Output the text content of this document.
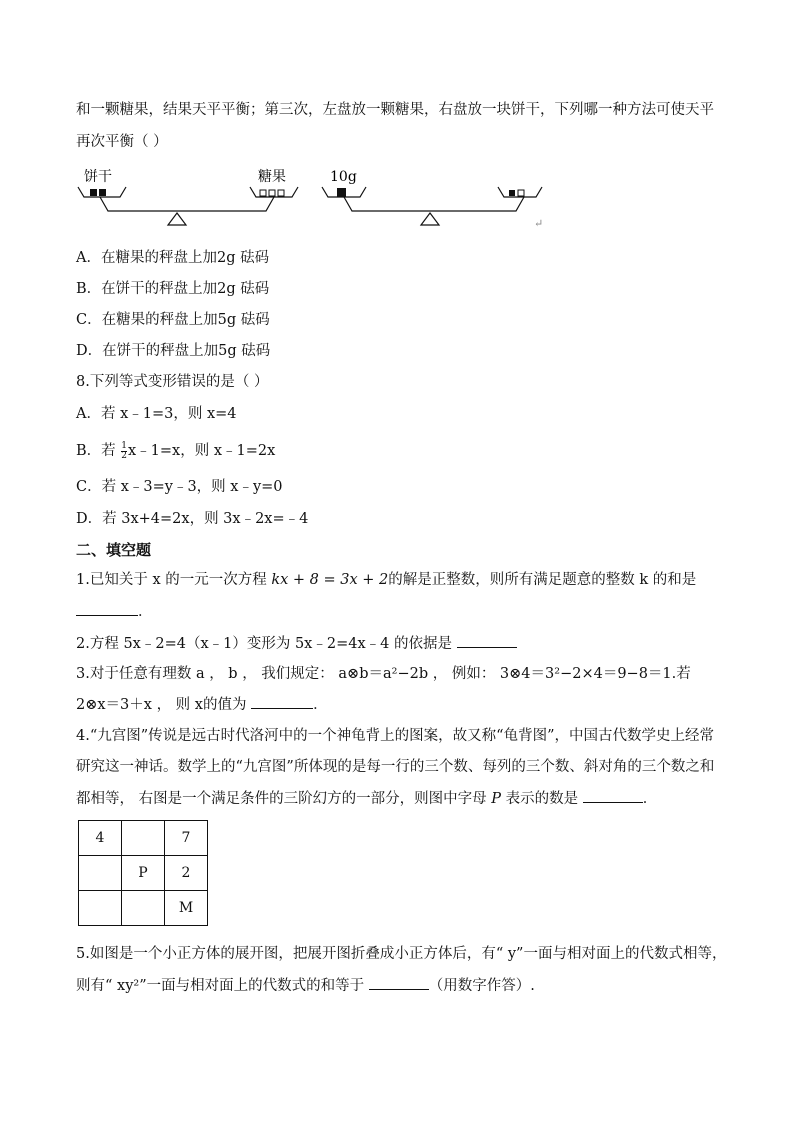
和一颗糖果，结果天平平衡；第三次，左盘放一颗糖果，右盘放一块饼干，下列哪一种方法可使天平
再次平衡（ ）
饼干	糖果	10g
↵
A．在糖果的秤盘上加2g 砝码
B．在饼干的秤盘上加2g 砝码
C．在糖果的秤盘上加5g 砝码
D．在饼干的秤盘上加5g 砝码
8.下列等式变形错误的是（ ）
A．若 x﹣1=3，则 x=4
B．若 $\frac{1}{2}$ x﹣1=x，则 x﹣1=2x
C．若 x﹣3=y﹣3，则 x﹣y=0
D．若 3x+4=2x，则 3x﹣2x=﹣4
二、填空题
1.已知关于 x 的一元一次方程 kx + 8 = 3x + 2的解是正整数，则所有满足题意的整数 k 的和是
．
2.方程 5x﹣2=4（x﹣1）变形为 5x﹣2=4x﹣4 的依据是
3.对于任意有理数 a ， b ， 我们规定： a⊗b＝a²−2b ， 例如： 3⊗4＝3²−2×4＝9−8＝1.若
2⊗x＝3＋x ， 则 x的值为	．
4.“九宫图”传说是远古时代洛河中的一个神龟背上的图案，故又称“龟背图”，中国古代数学史上经常
研究这一神话。数学上的“九宫图”所体现的是每一行的三个数、每列的三个数、斜对角的三个数之和
都相等， 右图是一个满足条件的三阶幻方的一部分，则图中字母 P 表示的数是	．
4		7
	P	2
		M
5.如图是一个小正方体的展开图，把展开图折叠成小正方体后，有“ y”一面与相对面上的代数式相等，
则有“ xy²”一面与相对面上的代数式的和等于	（用数字作答）.
